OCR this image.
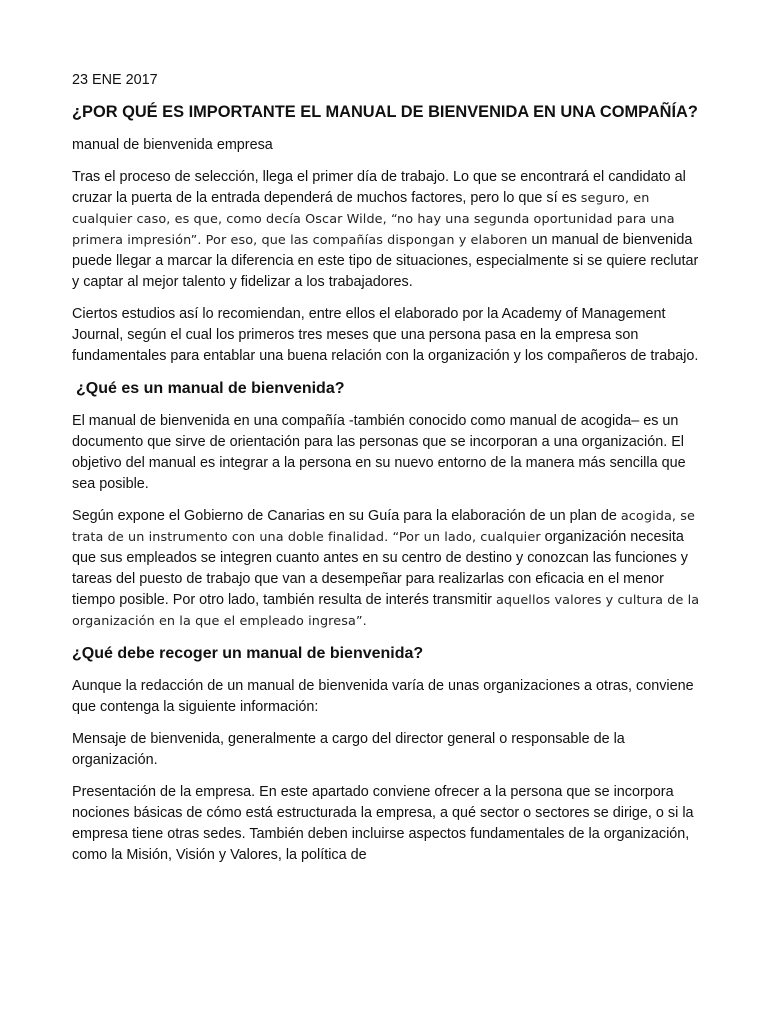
23 ENE 2017
¿POR QUÉ ES IMPORTANTE EL MANUAL DE BIENVENIDA EN UNA COMPAÑÍA?

manual de bienvenida empresa

Tras el proceso de selección, llega el primer día de trabajo. Lo que se encontrará el candidato al cruzar la puerta de la entrada dependerá de muchos factores, pero lo que sí es seguro, en cualquier caso, es que, como decía Oscar Wilde, “no hay una segunda oportunidad para una primera impresión”. Por eso, que las compañías dispongan y elaboren un manual de bienvenida puede llegar a marcar la diferencia en este tipo de situaciones, especialmente si se quiere reclutar y captar al mejor talento y fidelizar a los trabajadores.

Ciertos estudios así lo recomiendan, entre ellos el elaborado por la Academy of Management Journal, según el cual los primeros tres meses que una persona pasa en la empresa son fundamentales para entablar una buena relación con la organización y los compañeros de trabajo.

¿Qué es un manual de bienvenida?

El manual de bienvenida en una compañía -también conocido como manual de acogida– es un documento que sirve de orientación para las personas que se incorporan a una organización. El objetivo del manual es integrar a la persona en su nuevo entorno de la manera más sencilla que sea posible.

Según expone el Gobierno de Canarias en su Guía para la elaboración de un plan de acogida, se trata de un instrumento con una doble finalidad. “Por un lado, cualquier organización necesita que sus empleados se integren cuanto antes en su centro de destino y conozcan las funciones y tareas del puesto de trabajo que van a desempeñar para realizarlas con eficacia en el menor tiempo posible. Por otro lado, también resulta de interés transmitir aquellos valores y cultura de la organización en la que el empleado ingresa”.

¿Qué debe recoger un manual de bienvenida?

Aunque la redacción de un manual de bienvenida varía de unas organizaciones a otras, conviene que contenga la siguiente información:

Mensaje de bienvenida, generalmente a cargo del director general o responsable de la organización.

Presentación de la empresa. En este apartado conviene ofrecer a la persona que se incorpora nociones básicas de cómo está estructurada la empresa, a qué sector o sectores se dirige, o si la empresa tiene otras sedes. También deben incluirse aspectos fundamentales de la organización, como la Misión, Visión y Valores, la política de
